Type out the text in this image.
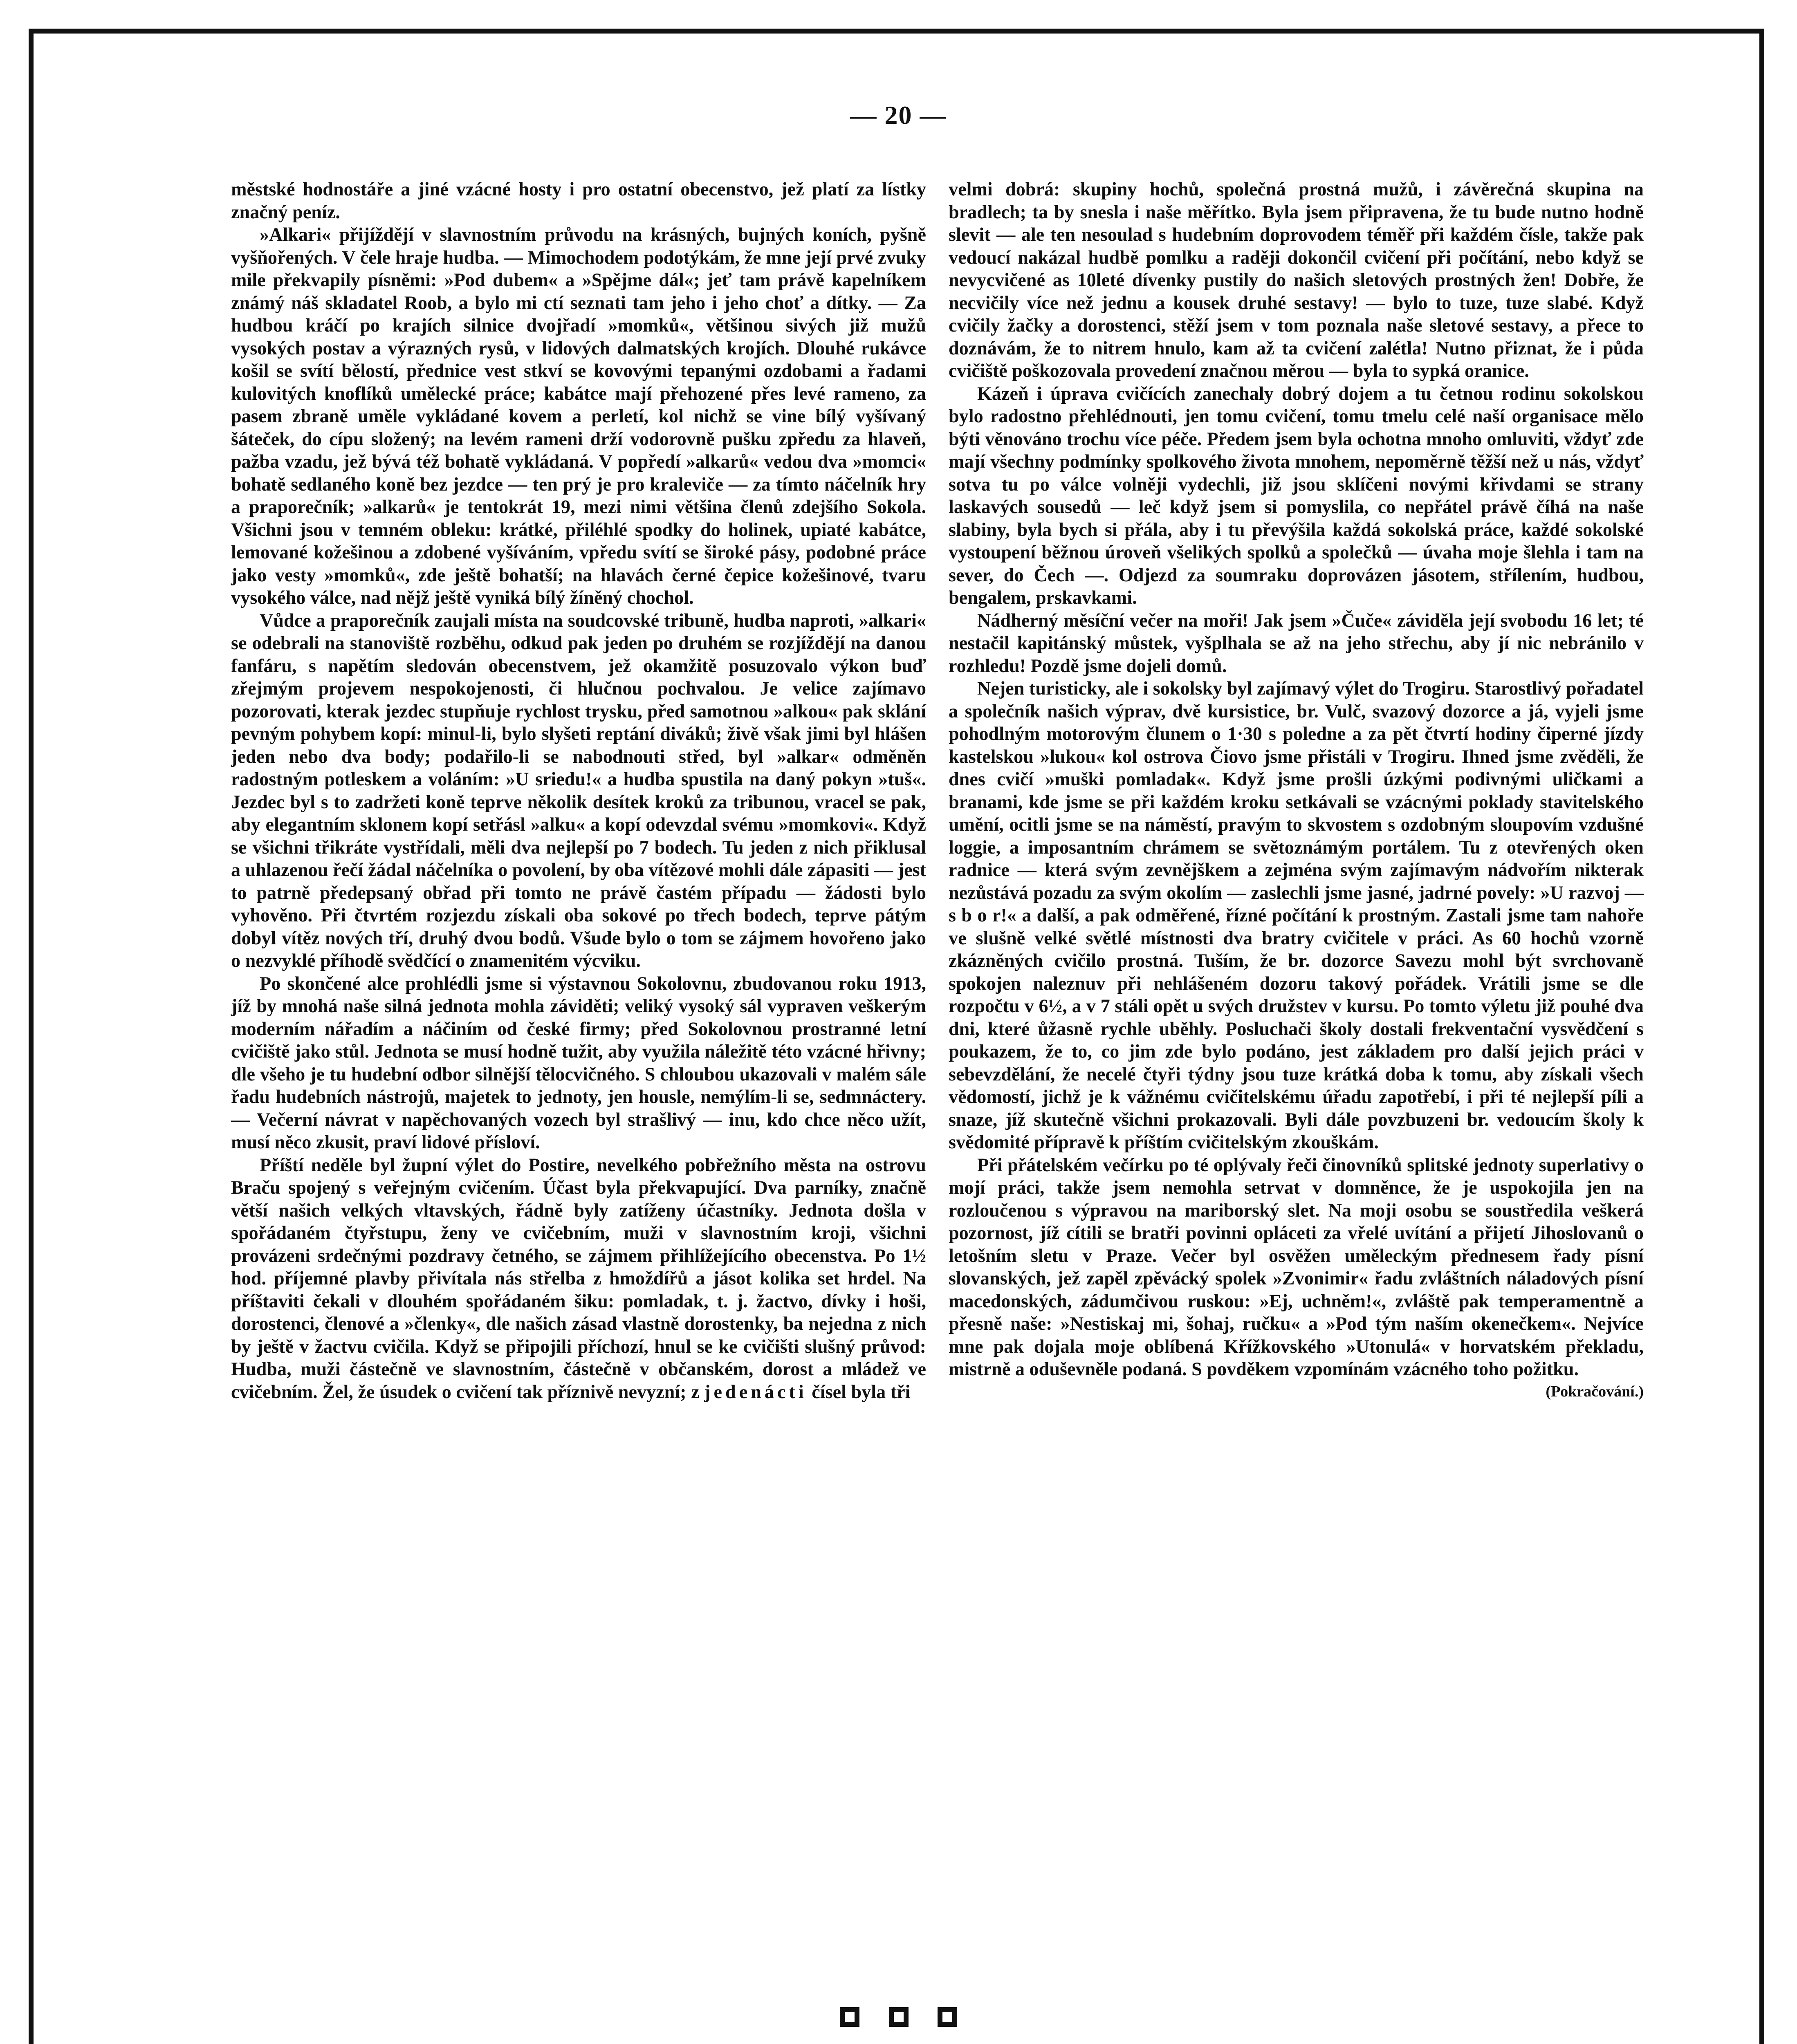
— 20 —

městské hodnostáře a jiné vzácné hosty i pro ostatní obecenstvo, jež platí za lístky značný peníz.

»Alkari« přijíždějí v slavnostním průvodu na krásných, bujných koních, pyšně vyšňořených. V čele hraje hudba. — Mimochodem podotýkám, že mne její prvé zvuky mile překvapily písněmi: »Pod dubem« a »Spějme dál«; jeť tam právě kapelníkem známý náš skladatel Roob, a bylo mi ctí seznati tam jeho i jeho choť a dítky. — Za hudbou kráčí po krajích silnice dvojřadí »momků«, většinou sivých již mužů vysokých postav a výrazných rysů, v lidových dalmatských krojích. Dlouhé rukávce košil se svítí bělostí, přednice vest stkví se kovovými tepanými ozdobami a řadami kulovitých knoflíků umělecké práce; kabátce mají přehozené přes levé rameno, za pasem zbraně uměle vykládané kovem a perletí, kol nichž se vine bílý vyšívaný šáteček, do cípu složený; na levém rameni drží vodorovně pušku zpředu za hlaveň, pažba vzadu, jež bývá též bohatě vykládaná. V popředí »alkarů« vedou dva »momci« bohatě sedlaného koně bez jezdce — ten prý je pro kraleviče — za tímto náčelník hry a praporečník; »alkarů« je tentokrát 19, mezi nimi většina členů zdejšího Sokola. Všichni jsou v temném obleku: krátké, přiléhlé spodky do holinek, upiaté kabátce, lemované kožešinou a zdobené vyšíváním, vpředu svítí se široké pásy, podobné práce jako vesty »momků«, zde ještě bohatší; na hlavách černé čepice kožešinové, tvaru vysokého válce, nad nějž ještě vyniká bílý žíněný chochol.

Vůdce a praporečník zaujali místa na soudcovské tribuně, hudba naproti, »alkari« se odebrali na stanoviště rozběhu, odkud pak jeden po druhém se rozjíždějí na danou fanfáru, s napětím sledován obecenstvem, jež okamžitě posuzovalo výkon buď zřejmým projevem nespokojenosti, či hlučnou pochvalou. Je velice zajímavo pozorovati, kterak jezdec stupňuje rychlost trysku, před samotnou »alkou« pak sklání pevným pohybem kopí: minul-li, bylo slyšeti reptání diváků; živě však jimi byl hlášen jeden nebo dva body; podařilo-li se nabodnouti střed, byl »alkar« odměněn radostným potleskem a voláním: »U sriedu!« a hudba spustila na daný pokyn »tuš«. Jezdec byl s to zadržeti koně teprve několik desítek kroků za tribunou, vracel se pak, aby elegantním sklonem kopí setřásl »alku« a kopí odevzdal svému »momkovi«. Když se všichni třikráte vystřídali, měli dva nejlepší po 7 bodech. Tu jeden z nich přiklusal a uhlazenou řečí žádal náčelníka o povolení, by oba vítězové mohli dále zápasiti — jest to patrně předepsaný obřad při tomto ne právě častém případu — žádosti bylo vyhověno. Při čtvrtém rozjezdu získali oba sokové po třech bodech, teprve pátým dobyl vítěz nových tří, druhý dvou bodů. Všude bylo o tom se zájmem hovořeno jako o nezvyklé příhodě svědčící o znamenitém výcviku.

Po skončené alce prohlédli jsme si výstavnou Sokolovnu, zbudovanou roku 1913, jíž by mnohá naše silná jednota mohla záviděti; veliký vysoký sál vypraven veškerým moderním nářadím a náčiním od české firmy; před Sokolovnou prostranné letní cvičiště jako stůl. Jednota se musí hodně tužit, aby využila náležitě této vzácné hřivny; dle všeho je tu hudební odbor silnější tělocvičného. S chloubou ukazovali v malém sále řadu hudebních nástrojů, majetek to jednoty, jen housle, nemýlím-li se, sedmnáctery. — Večerní návrat v napěchovaných vozech byl strašlivý — inu, kdo chce něco užít, musí něco zkusit, praví lidové přísloví.

Příští neděle byl župní výlet do Postire, nevelkého pobřežního města na ostrovu Braču spojený s veřejným cvičením. Účast byla překvapující. Dva parníky, značně větší našich velkých vltavských, řádně byly zatíženy účastníky. Jednota došla v spořádaném čtyřstupu, ženy ve cvičebním, muži v slavnostním kroji, všichni provázeni srdečnými pozdravy četného, se zájmem přihlížejícího obecenstva. Po 1½ hod. příjemné plavby přivítala nás střelba z hmoždířů a jásot kolika set hrdel. Na příštaviti čekali v dlouhém spořádaném šiku: pomladak, t. j. žactvo, dívky i hoši, dorostenci, členové a »členky«, dle našich zásad vlastně dorostenky, ba nejedna z nich by ještě v žactvu cvičila. Když se připojili příchozí, hnul se ke cvičišti slušný průvod: Hudba, muži částečně ve slavnostním, částečně v občanském, dorost a mládež ve cvičebním. Žel, že úsudek o cvičení tak příznivě nevyzní; z jedenácti čísel byla tři

velmi dobrá: skupiny hochů, společná prostná mužů, i závěrečná skupina na bradlech; ta by snesla i naše měřítko. Byla jsem připravena, že tu bude nutno hodně slevit — ale ten nesoulad s hudebním doprovodem téměř při každém čísle, takže pak vedoucí nakázal hudbě pomlku a raději dokončil cvičení při počítání, nebo když se nevycvičené as 10leté dívenky pustily do našich sletových prostných žen! Dobře, že necvičily více než jednu a kousek druhé sestavy! — bylo to tuze, tuze slabé. Když cvičily žačky a dorostenci, stěží jsem v tom poznala naše sletové sestavy, a přece to doznávám, že to nitrem hnulo, kam až ta cvičení zalétla! Nutno přiznat, že i půda cvičiště poškozovala provedení značnou měrou — byla to sypká oranice.

Kázeň i úprava cvičících zanechaly dobrý dojem a tu četnou rodinu sokolskou bylo radostno přehlédnouti, jen tomu cvičení, tomu tmelu celé naší organisace mělo býti věnováno trochu více péče. Předem jsem byla ochotna mnoho omluviti, vždyť zde mají všechny podmínky spolkového života mnohem, nepoměrně těžší než u nás, vždyť sotva tu po válce volněji vydechli, již jsou sklíčeni novými křivdami se strany laskavých sousedů — leč když jsem si pomyslila, co nepřátel právě číhá na naše slabiny, byla bych si přála, aby i tu převýšila každá sokolská práce, každé sokolské vystoupení běžnou úroveň všelikých spolků a společků — úvaha moje šlehla i tam na sever, do Čech —. Odjezd za soumraku doprovázen jásotem, střílením, hudbou, bengalem, prskavkami.

Nádherný měsíční večer na moři! Jak jsem »Čuče« záviděla její svobodu 16 let; té nestačil kapitánský můstek, vyšplhala se až na jeho střechu, aby jí nic nebránilo v rozhledu! Pozdě jsme dojeli domů.

Nejen turisticky, ale i sokolsky byl zajímavý výlet do Trogiru. Starostlivý pořadatel a společník našich výprav, dvě kursistice, br. Vulč, svazový dozorce a já, vyjeli jsme pohodlným motorovým člunem o 1·30 s poledne a za pět čtvrtí hodiny čiperné jízdy kastelskou »lukou« kol ostrova Čiovo jsme přistáli v Trogiru. Ihned jsme zvěděli, že dnes cvičí »muški pomladak«. Když jsme prošli úzkými podivnými uličkami a branami, kde jsme se při každém kroku setkávali se vzácnými poklady stavitelského umění, ocitli jsme se na náměstí, pravým to skvostem s ozdobným sloupovím vzdušné loggie, a imposantním chrámem se světoznámým portálem. Tu z otevřených oken radnice — která svým zevnějškem a zejména svým zajímavým nádvořím nikterak nezůstává pozadu za svým okolím — zaslechli jsme jasné, jadrné povely: »U razvoj — s b o r!« a další, a pak odměřené, řízné počítání k prostným. Zastali jsme tam nahoře ve slušně velké světlé místnosti dva bratry cvičitele v práci. As 60 hochů vzorně zkázněných cvičilo prostná. Tuším, že br. dozorce Savezu mohl být svrchovaně spokojen naleznuv při nehlášeném dozoru takový pořádek. Vrátili jsme se dle rozpočtu v 6½, a v 7 stáli opět u svých družstev v kursu. Po tomto výletu již pouhé dva dni, které ůžasně rychle uběhly. Posluchači školy dostali frekventační vysvědčení s poukazem, že to, co jim zde bylo podáno, jest základem pro další jejich práci v sebevzdělání, že necelé čtyři týdny jsou tuze krátká doba k tomu, aby získali všech vědomostí, jichž je k vážnému cvičitelskému úřadu zapotřebí, i při té nejlepší píli a snaze, jíž skutečně všichni prokazovali. Byli dále povzbuzeni br. vedoucím školy k svědomité přípravě k příštím cvičitelským zkouškám.

Při přátelském večírku po té oplývaly řeči činovníků splitské jednoty superlativy o mojí práci, takže jsem nemohla setrvat v domněnce, že je uspokojila jen na rozloučenou s výpravou na mariborský slet. Na moji osobu se soustředila veškerá pozornost, jíž cítili se bratři povinni opláceti za vřelé uvítání a přijetí Jihoslovanů o letošním sletu v Praze. Večer byl osvěžen uměleckým přednesem řady písní slovanských, jež zapěl zpěvácký spolek »Zvonimir« řadu zvláštních náladových písní macedonských, zádumčivou ruskou: »Ej, uchněm!«, zvláště pak temperamentně a přesně naše: »Nestiskaj mi, šohaj, ručku« a »Pod tým naším okenečkem«. Nejvíce mne pak dojala moje oblíbená Křížkovského »Utonulá« v horvatském překladu, mistrně a oduševněle podaná. S povděkem vzpomínám vzácného toho požitku.

(Pokračování.)
